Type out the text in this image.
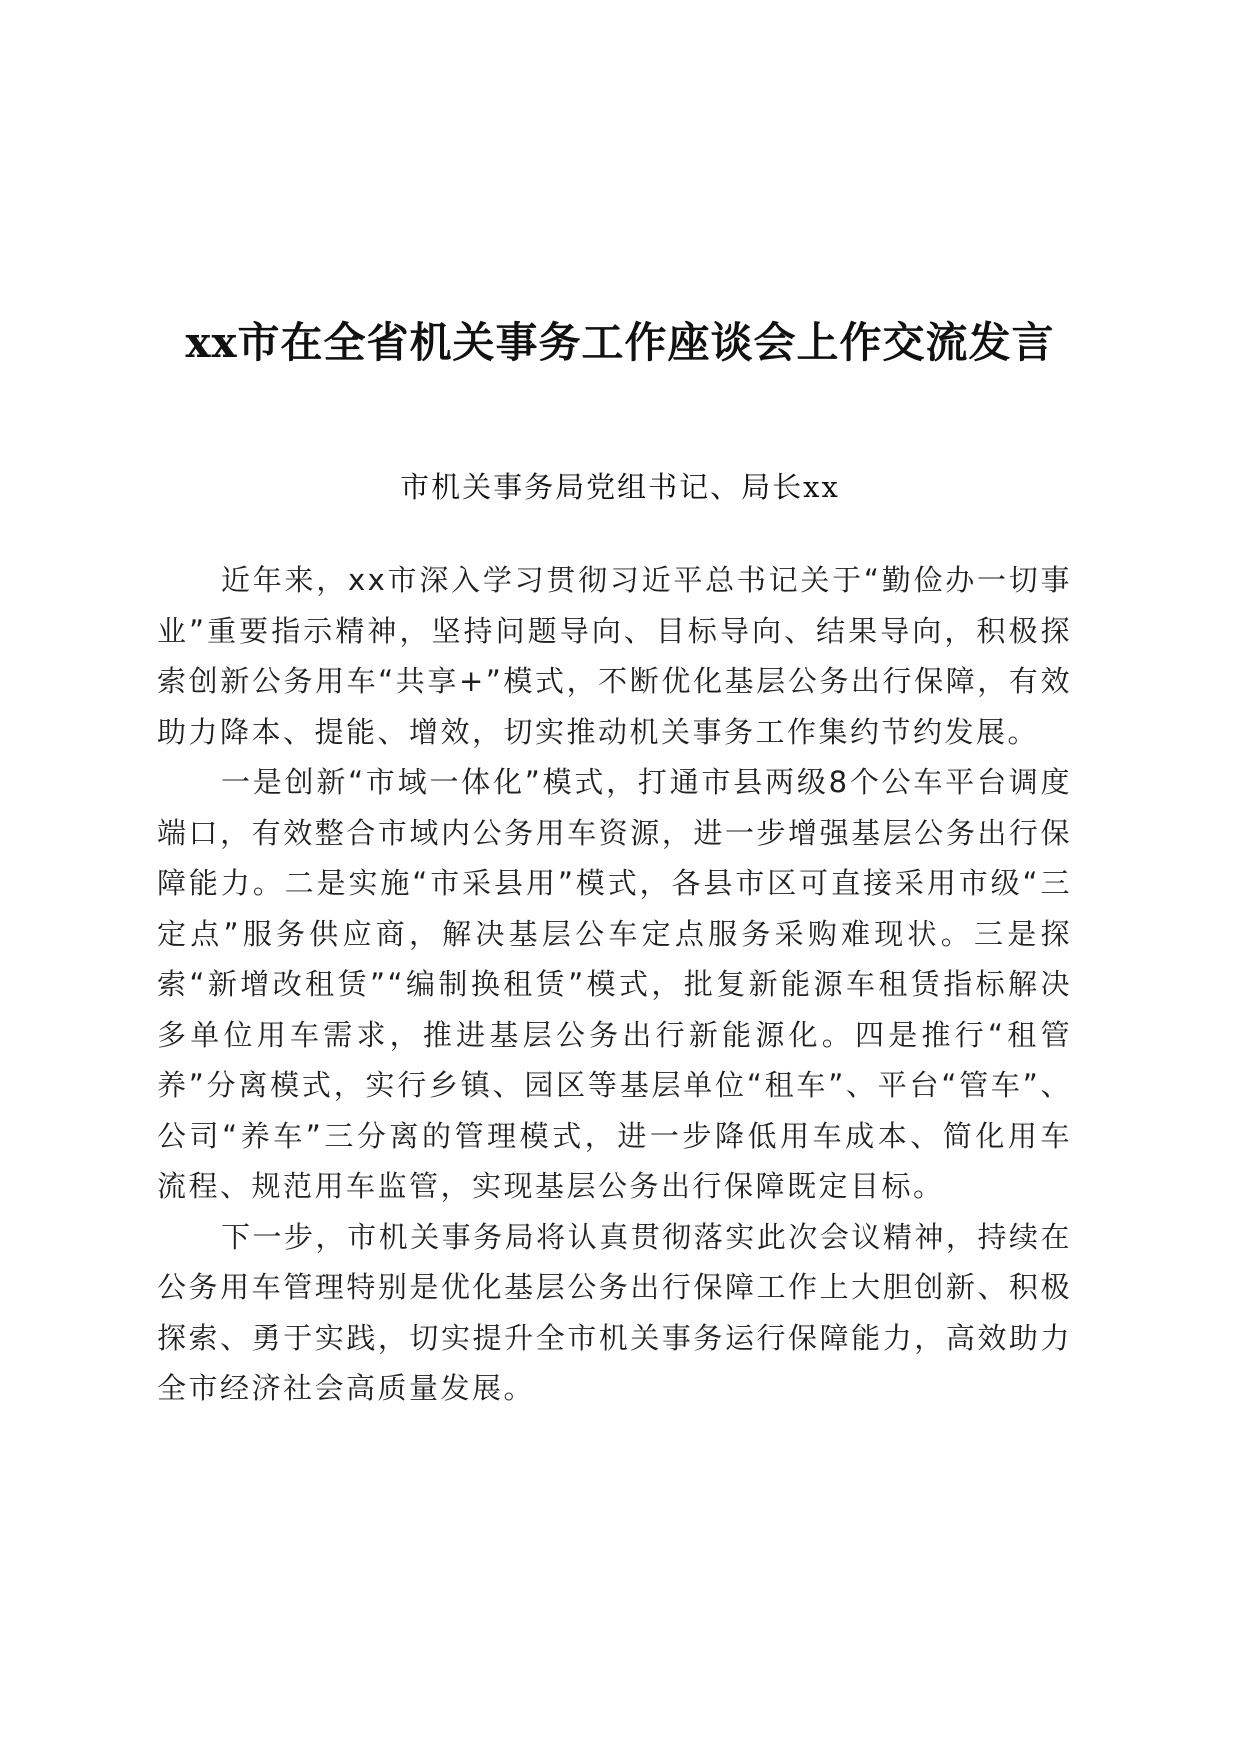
xx市在全省机关事务工作座谈会上作交流发言

市机关事务局党组书记、局长xx

近年来，xx市深入学习贯彻习近平总书记关于“勤俭办一切事业”重要指示精神，坚持问题导向、目标导向、结果导向，积极探索创新公务用车“共享+”模式，不断优化基层公务出行保障，有效助力降本、提能、增效，切实推动机关事务工作集约节约发展。

一是创新“市域一体化”模式，打通市县两级8个公车平台调度端口，有效整合市域内公务用车资源，进一步增强基层公务出行保障能力。二是实施“市采县用”模式，各县市区可直接采用市级“三定点”服务供应商，解决基层公车定点服务采购难现状。三是探索“新增改租赁”“编制换租赁”模式，批复新能源车租赁指标解决多单位用车需求，推进基层公务出行新能源化。四是推行“租管养”分离模式，实行乡镇、园区等基层单位“租车”、平台“管车”、公司“养车”三分离的管理模式，进一步降低用车成本、简化用车流程、规范用车监管，实现基层公务出行保障既定目标。

下一步，市机关事务局将认真贯彻落实此次会议精神，持续在公务用车管理特别是优化基层公务出行保障工作上大胆创新、积极探索、勇于实践，切实提升全市机关事务运行保障能力，高效助力全市经济社会高质量发展。
